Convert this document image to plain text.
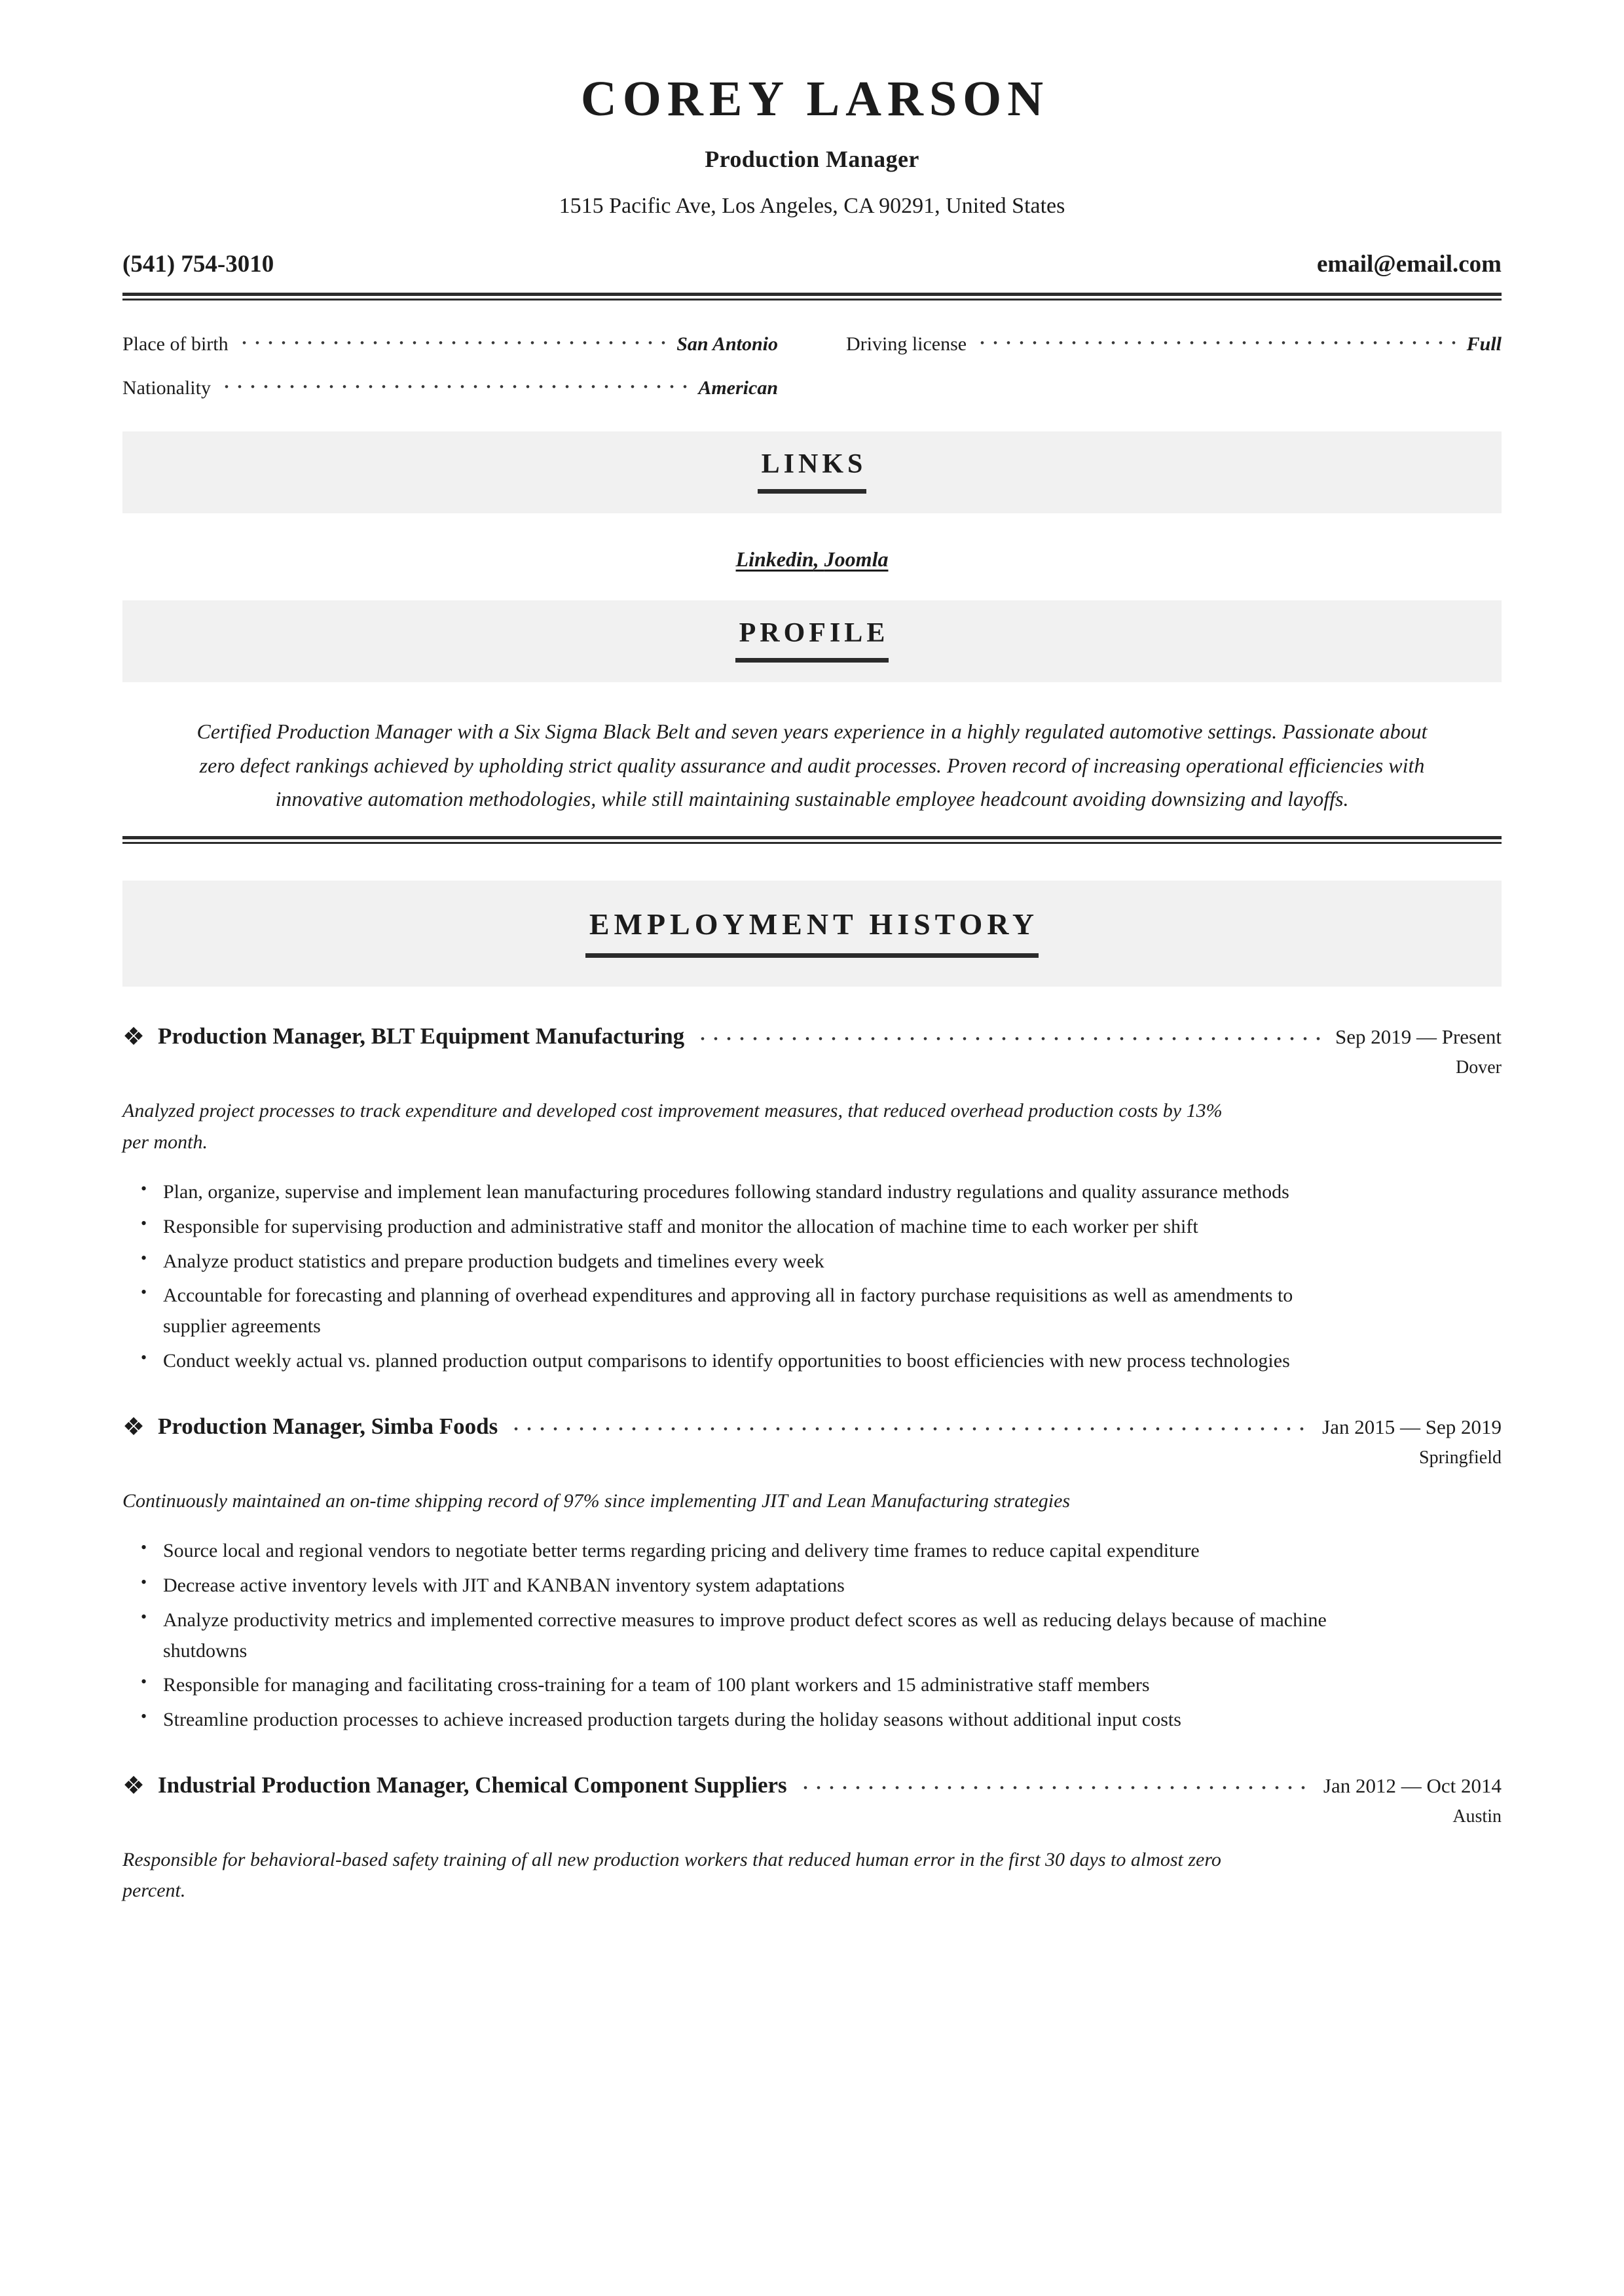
COREY LARSON
Production Manager
1515 Pacific Ave, Los Angeles, CA 90291, United States
(541) 754-3010	email@email.com
Place of birth	San Antonio	Driving license	Full
Nationality	American
LINKS
Linkedin, Joomla
PROFILE

Certified Production Manager with a Six Sigma Black Belt and seven years experience in a highly regulated automotive settings. Passionate about zero defect rankings achieved by upholding strict quality assurance and audit processes. Proven record of increasing operational efficiencies with innovative automation methodologies, while still maintaining sustainable employee headcount avoiding downsizing and layoffs.

EMPLOYMENT HISTORY
❖ Production Manager, BLT Equipment Manufacturing	Sep 2019 — Present
Dover

Analyzed project processes to track expenditure and developed cost improvement measures, that reduced overhead production costs by 13% per month.

• Plan, organize, supervise and implement lean manufacturing procedures following standard industry regulations and quality assurance methods
• Responsible for supervising production and administrative staff and monitor the allocation of machine time to each worker per shift
• Analyze product statistics and prepare production budgets and timelines every week
• Accountable for forecasting and planning of overhead expenditures and approving all in factory purchase requisitions as well as amendments to supplier agreements
• Conduct weekly actual vs. planned production output comparisons to identify opportunities to boost efficiencies with new process technologies
❖ Production Manager, Simba Foods	Jan 2015 — Sep 2019
Springfield

Continuously maintained an on-time shipping record of 97% since implementing JIT and Lean Manufacturing strategies

• Source local and regional vendors to negotiate better terms regarding pricing and delivery time frames to reduce capital expenditure
• Decrease active inventory levels with JIT and KANBAN inventory system adaptations
• Analyze productivity metrics and implemented corrective measures to improve product defect scores as well as reducing delays because of machine shutdowns
• Responsible for managing and facilitating cross-training for a team of 100 plant workers and 15 administrative staff members
• Streamline production processes to achieve increased production targets during the holiday seasons without additional input costs
❖ Industrial Production Manager, Chemical Component Suppliers	Jan 2012 — Oct 2014
Austin

Responsible for behavioral-based safety training of all new production workers that reduced human error in the first 30 days to almost zero percent.
